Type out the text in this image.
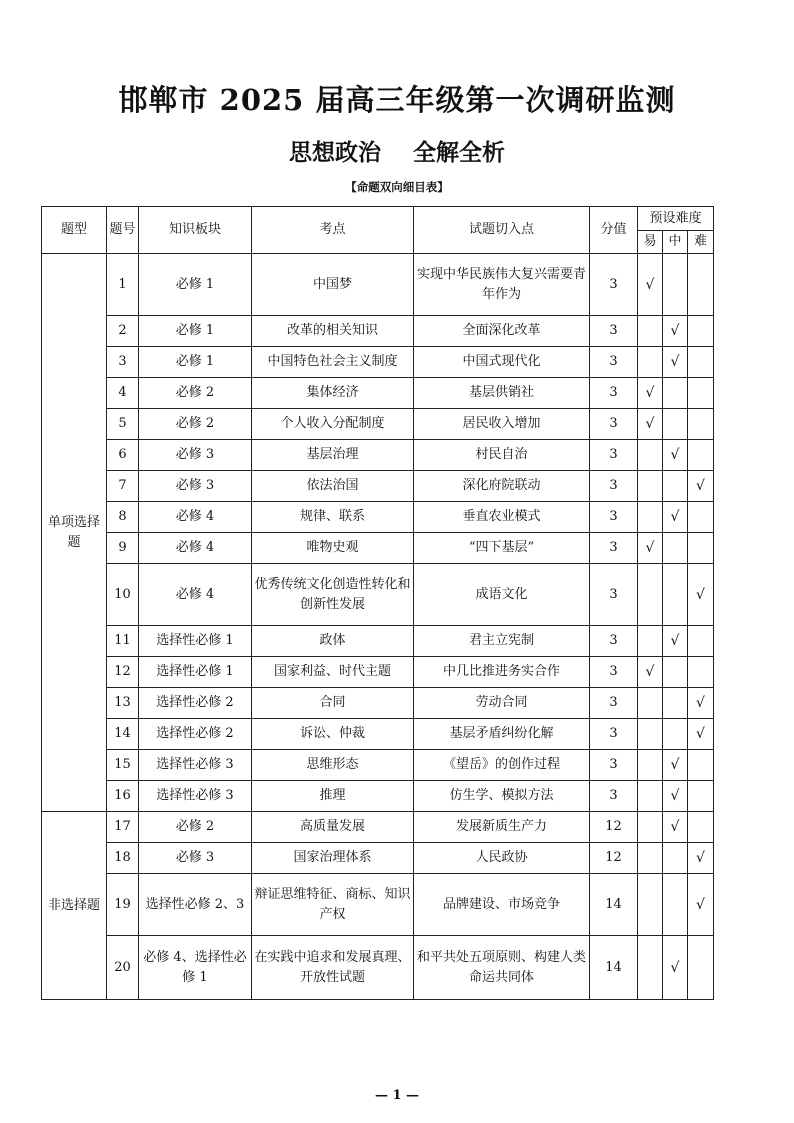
邯郸市 2025 届高三年级第一次调研监测
思想政治    全解全析
【命题双向细目表】
题型	题号	知识板块	考点	试题切入点	分值	预设难度		
						易	中	难
单项选择题	1	必修 1	中国梦	实现中华民族伟大复兴需要青年作为	3	√		
	2	必修 1	改革的相关知识	全面深化改革	3		√	
	3	必修 1	中国特色社会主义制度	中国式现代化	3		√	
	4	必修 2	集体经济	基层供销社	3	√		
	5	必修 2	个人收入分配制度	居民收入增加	3	√		
	6	必修 3	基层治理	村民自治	3		√	
	7	必修 3	依法治国	深化府院联动	3			√
	8	必修 4	规律、联系	垂直农业模式	3		√	
	9	必修 4	唯物史观	“四下基层”	3	√		
	10	必修 4	优秀传统文化创造性转化和创新性发展	成语文化	3			√
	11	选择性必修 1	政体	君主立宪制	3		√	
	12	选择性必修 1	国家利益、时代主题	中几比推进务实合作	3	√		
	13	选择性必修 2	合同	劳动合同	3			√
	14	选择性必修 2	诉讼、仲裁	基层矛盾纠纷化解	3			√
	15	选择性必修 3	思维形态	《望岳》的创作过程	3		√	
	16	选择性必修 3	推理	仿生学、模拟方法	3		√	
非选择题	17	必修 2	高质量发展	发展新质生产力	12		√	
	18	必修 3	国家治理体系	人民政协	12			√
	19	选择性必修 2、3	辩证思维特征、商标、知识产权	品牌建设、市场竞争	14			√
	20	必修 4、选择性必修 1	在实践中追求和发展真理、开放性试题	和平共处五项原则、构建人类命运共同体	14		√	
— 1 —
